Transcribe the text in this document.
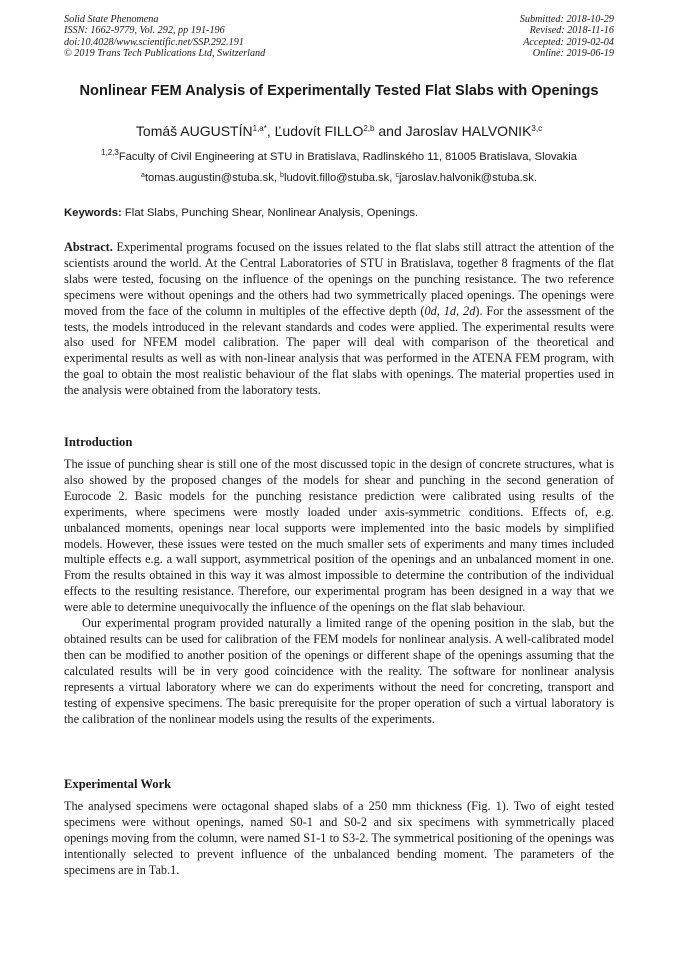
Solid State Phenomena
ISSN: 1662-9779, Vol. 292, pp 191-196
doi:10.4028/www.scientific.net/SSP.292.191
© 2019 Trans Tech Publications Ltd, Switzerland
Submitted: 2018-10-29
Revised: 2018-11-16
Accepted: 2019-02-04
Online: 2019-06-19
Nonlinear FEM Analysis of Experimentally Tested Flat Slabs with Openings
Tomáš $AUGUSTÍN^{1,a*}$, Ľudovít FILLO$^{2,b}$ and Jaroslav HALVONIK$^{3,c}$
$^{1,2,3}$Faculty of Civil Engineering at STU in Bratislava, Radlinského 11, 81005 Bratislava, Slovakia
$^a$tomas.augustin@stuba.sk, $^b$ludovit.fillo@stuba.sk, $^c$jaroslav.halvonik@stuba.sk.
Keywords: Flat Slabs, Punching Shear, Nonlinear Analysis, Openings.

Abstract. Experimental programs focused on the issues related to the flat slabs still attract the attention of the scientists around the world. At the Central Laboratories of STU in Bratislava, together 8 fragments of the flat slabs were tested, focusing on the influence of the openings on the punching resistance. The two reference specimens were without openings and the others had two symmetrically placed openings. The openings were moved from the face of the column in multiples of the effective depth (0d, 1d, 2d). For the assessment of the tests, the models introduced in the relevant standards and codes were applied. The experimental results were also used for NFEM model calibration. The paper will deal with comparison of the theoretical and experimental results as well as with non-linear analysis that was performed in the ATENA FEM program, with the goal to obtain the most realistic behaviour of the flat slabs with openings. The material properties used in the analysis were obtained from the laboratory tests.

Introduction

The issue of punching shear is still one of the most discussed topic in the design of concrete structures, what is also showed by the proposed changes of the models for shear and punching in the second generation of Eurocode 2. Basic models for the punching resistance prediction were calibrated using results of the experiments, where specimens were mostly loaded under axis-symmetric conditions. Effects of, e.g. unbalanced moments, openings near local supports were implemented into the basic models by simplified models. However, these issues were tested on the much smaller sets of experiments and many times included multiple effects e.g. a wall support, asymmetrical position of the openings and an unbalanced moment in one. From the results obtained in this way it was almost impossible to determine the contribution of the individual effects to the resulting resistance. Therefore, our experimental program has been designed in a way that we were able to determine unequivocally the influence of the openings on the flat slab behaviour.

Our experimental program provided naturally a limited range of the opening position in the slab, but the obtained results can be used for calibration of the FEM models for nonlinear analysis. A well-calibrated model then can be modified to another position of the openings or different shape of the openings assuming that the calculated results will be in very good coincidence with the reality. The software for nonlinear analysis represents a virtual laboratory where we can do experiments without the need for concreting, transport and testing of expensive specimens. The basic prerequisite for the proper operation of such a virtual laboratory is the calibration of the nonlinear models using the results of the experiments.

Experimental Work

The analysed specimens were octagonal shaped slabs of a 250 mm thickness (Fig. 1). Two of eight tested specimens were without openings, named S0-1 and S0-2 and six specimens with symmetrically placed openings moving from the column, were named S1-1 to S3-2. The symmetrical positioning of the openings was intentionally selected to prevent influence of the unbalanced bending moment. The parameters of the specimens are in Tab.1.
